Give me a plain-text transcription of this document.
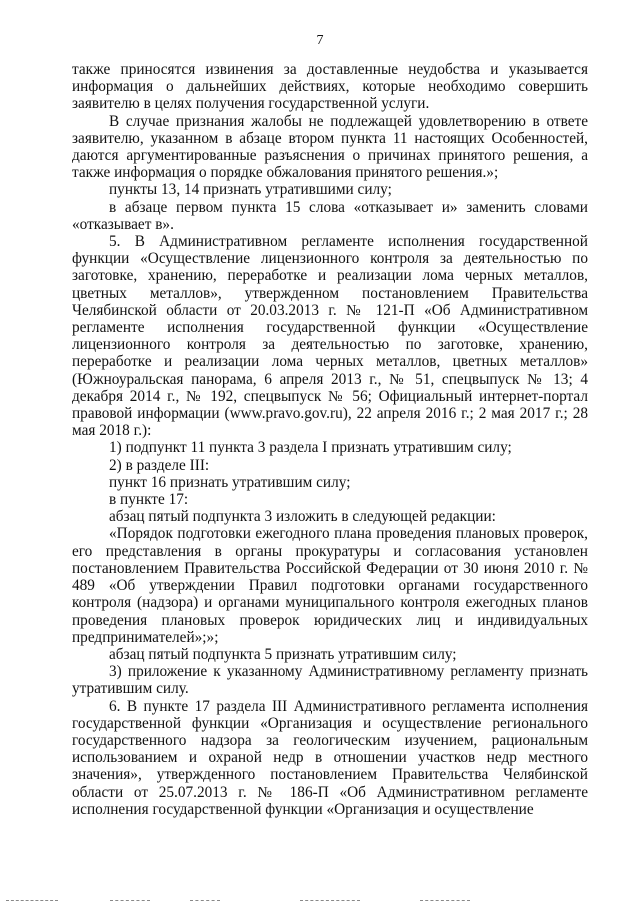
7

также приносятся извинения за доставленные неудобства и указывается информация о дальнейших действиях, которые необходимо совершить заявителю в целях получения государственной услуги.

В случае признания жалобы не подлежащей удовлетворению в ответе заявителю, указанном в абзаце втором пункта 11 настоящих Особенностей, даются аргументированные разъяснения о причинах принятого решения, а также информация о порядке обжалования принятого решения.»;

пункты 13, 14 признать утратившими силу;

в абзаце первом пункта 15 слова «отказывает и» заменить словами «отказывает в».

5. В Административном регламенте исполнения государственной функции «Осуществление лицензионного контроля за деятельностью по заготовке, хранению, переработке и реализации лома черных металлов, цветных металлов», утвержденном постановлением Правительства Челябинской области от 20.03.2013 г. № 121-П «Об Административном регламенте исполнения государственной функции «Осуществление лицензионного контроля за деятельностью по заготовке, хранению, переработке и реализации лома черных металлов, цветных металлов» (Южноуральская панорама, 6 апреля 2013 г., № 51, спецвыпуск № 13; 4 декабря 2014 г., № 192, спецвыпуск № 56; Официальный интернет-портал правовой информации (www.pravo.gov.ru), 22 апреля 2016 г.; 2 мая 2017 г.; 28 мая 2018 г.):

1) подпункт 11 пункта 3 раздела I признать утратившим силу;

2) в разделе III:

пункт 16 признать утратившим силу;

в пункте 17:

абзац пятый подпункта 3 изложить в следующей редакции:

«Порядок подготовки ежегодного плана проведения плановых проверок, его представления в органы прокуратуры и согласования установлен постановлением Правительства Российской Федерации от 30 июня 2010 г. № 489 «Об утверждении Правил подготовки органами государственного контроля (надзора) и органами муниципального контроля ежегодных планов проведения плановых проверок юридических лиц и индивидуальных предпринимателей»;»;

абзац пятый подпункта 5 признать утратившим силу;

3) приложение к указанному Административному регламенту признать утратившим силу.

6. В пункте 17 раздела III Административного регламента исполнения государственной функции «Организация и осуществление регионального государственного надзора за геологическим изучением, рациональным использованием и охраной недр в отношении участков недр местного значения», утвержденного постановлением Правительства Челябинской области от 25.07.2013 г. № 186-П «Об Административном регламенте исполнения государственной функции «Организация и осуществление
